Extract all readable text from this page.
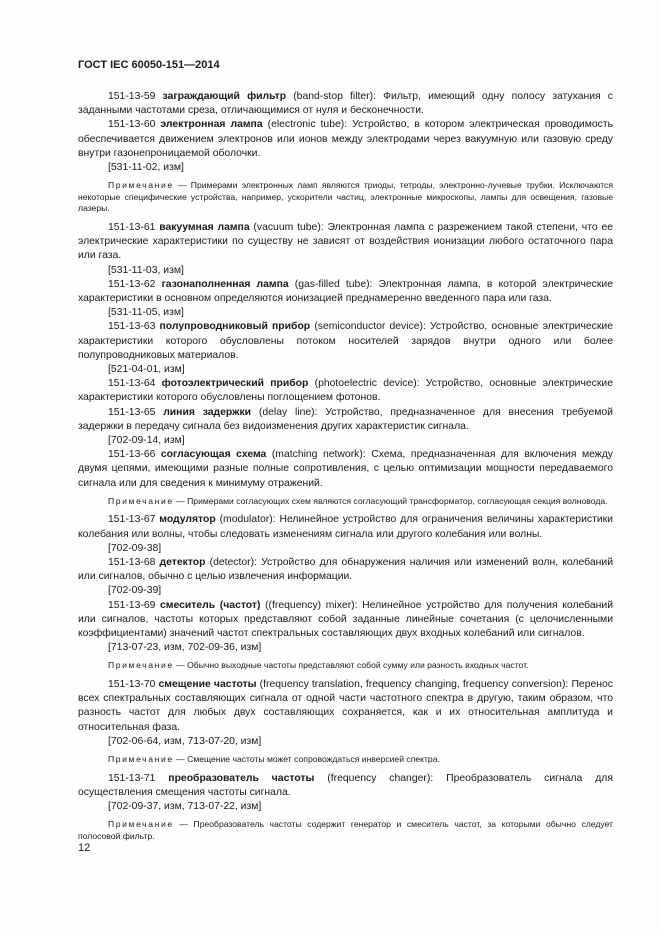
ГОСТ IEC 60050-151—2014

151-13-59 заграждающий фильтр (band-stop filter): Фильтр, имеющий одну полосу затухания с заданными частотами среза, отличающимися от нуля и бесконечности.

151-13-60 электронная лампа (electronic tube): Устройство, в котором электрическая проводимость обеспечивается движением электронов или ионов между электродами через вакуумную или газовую среду внутри газонепроницаемой оболочки.

[531-11-02, изм]

Примечание — Примерами электронных ламп являются триоды, тетроды, электронно-лучевые трубки. Исключаются некоторые специфические устройства, например, ускорители частиц, электронные микроскопы, лампы для освещения, газовые лазеры.

151-13-61 вакуумная лампа (vacuum tube): Электронная лампа с разрежением такой степени, что ее электрические характеристики по существу не зависят от воздействия ионизации любого остаточного пара или газа.

[531-11-03, изм]

151-13-62 газонаполненная лампа (gas-filled tube): Электронная лампа, в которой электрические характеристики в основном определяются ионизацией преднамеренно введенного пара или газа.

[531-11-05, изм]

151-13-63 полупроводниковый прибор (semiconductor device): Устройство, основные электрические характеристики которого обусловлены потоком носителей зарядов внутри одного или более полупроводниковых материалов.

[521-04-01, изм]

151-13-64 фотоэлектрический прибор (photoelectric device): Устройство, основные электрические характеристики которого обусловлены поглощением фотонов.

151-13-65 линия задержки (delay line): Устройство, предназначенное для внесения требуемой задержки в передачу сигнала без видоизменения других характеристик сигнала.

[702-09-14, изм]

151-13-66 согласующая схема (matching network): Схема, предназначенная для включения между двумя цепями, имеющими разные полные сопротивления, с целью оптимизации мощности передаваемого сигнала или для сведения к минимуму отражений.

Примечание — Примерами согласующих схем являются согласующий трансформатор, согласующая секция волновода.

151-13-67 модулятор (modulator): Нелинейное устройство для ограничения величины характеристики колебания или волны, чтобы следовать изменениям сигнала или другого колебания или волны.

[702-09-38]

151-13-68 детектор (detector): Устройство для обнаружения наличия или изменений волн, колебаний или сигналов, обычно с целью извлечения информации.

[702-09-39]

151-13-69 смеситель (частот) ((frequency) mixer): Нелинейное устройство для получения колебаний или сигналов, частоты которых представляют собой заданные линейные сочетания (с целочисленными коэффициентами) значений частот спектральных составляющих двух входных колебаний или сигналов.

[713-07-23, изм, 702-09-36, изм]

Примечание — Обычно выходные частоты представляют собой сумму или разность входных частот.

151-13-70 смещение частоты (frequency translation, frequency changing, frequency conversion): Перенос всех спектральных составляющих сигнала от одной части частотного спектра в другую, таким образом, что разность частот для любых двух составляющих сохраняется, как и их относительная амплитуда и относительная фаза.

[702-06-64, изм, 713-07-20, изм]

Примечание — Смещение частоты может сопровождаться инверсией спектра.

151-13-71 преобразователь частоты (frequency changer): Преобразователь сигнала для осуществления смещения частоты сигнала.

[702-09-37, изм, 713-07-22, изм]

Примечание — Преобразователь частоты содержит генератор и смеситель частот, за которыми обычно следует полосовой фильтр.

12
